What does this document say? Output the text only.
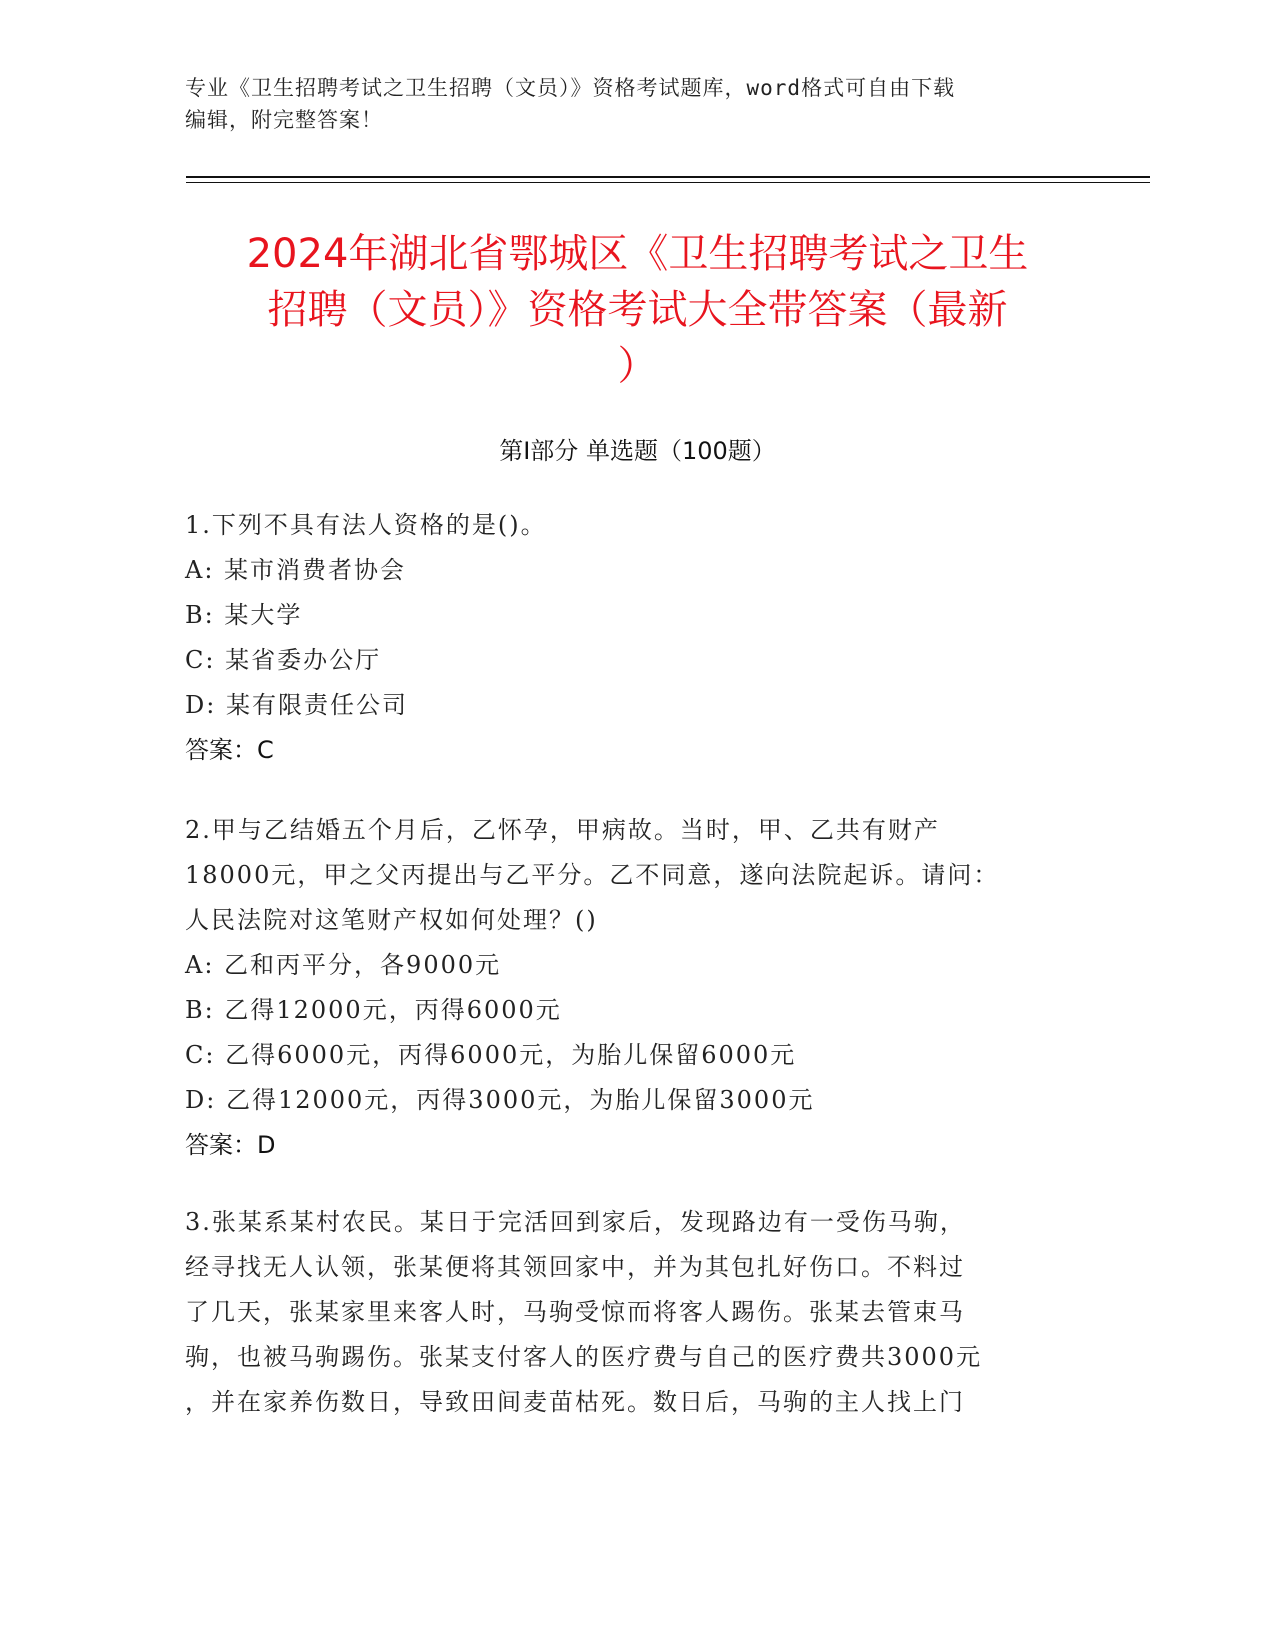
专业《卫生招聘考试之卫生招聘（文员）》资格考试题库，word格式可自由下载
编辑，附完整答案！
2024年湖北省鄂城区《卫生招聘考试之卫生
招聘（文员）》资格考试大全带答案（最新
）
第Ⅰ部分 单选题（100题）
1.下列不具有法人资格的是()。
A: 某市消费者协会
B: 某大学
C: 某省委办公厅
D: 某有限责任公司
答案：C
2.甲与乙结婚五个月后，乙怀孕，甲病故。当时，甲、乙共有财产
18000元，甲之父丙提出与乙平分。乙不同意，遂向法院起诉。请问：
人民法院对这笔财产权如何处理？()
A: 乙和丙平分，各9000元
B: 乙得12000元，丙得6000元
C: 乙得6000元，丙得6000元，为胎儿保留6000元
D: 乙得12000元，丙得3000元，为胎儿保留3000元
答案：D
3.张某系某村农民。某日于完活回到家后，发现路边有一受伤马驹，
经寻找无人认领，张某便将其领回家中，并为其包扎好伤口。不料过
了几天，张某家里来客人时，马驹受惊而将客人踢伤。张某去管束马
驹，也被马驹踢伤。张某支付客人的医疗费与自己的医疗费共3000元
，并在家养伤数日，导致田间麦苗枯死。数日后，马驹的主人找上门
